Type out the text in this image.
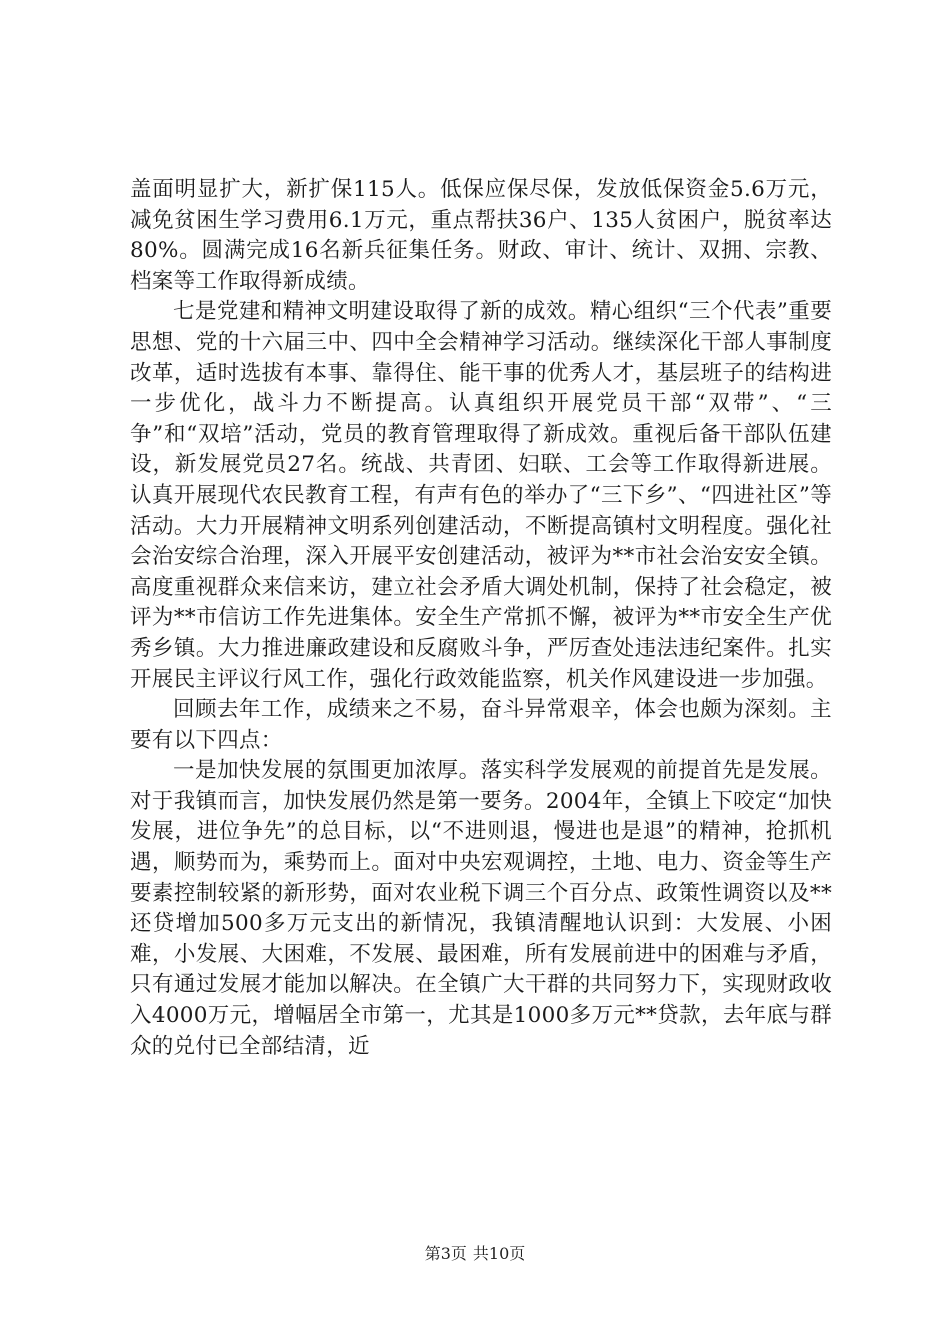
盖面明显扩大，新扩保115人。低保应保尽保，发放低保资金5.6万元，减免贫困生学习费用6.1万元，重点帮扶36户、135人贫困户，脱贫率达80%。圆满完成16名新兵征集任务。财政、审计、统计、双拥、宗教、档案等工作取得新成绩。

七是党建和精神文明建设取得了新的成效。精心组织“三个代表”重要思想、党的十六届三中、四中全会精神学习活动。继续深化干部人事制度改革，适时选拔有本事、靠得住、能干事的优秀人才，基层班子的结构进一步优化，战斗力不断提高。认真组织开展党员干部“双带”、“三争”和“双培”活动，党员的教育管理取得了新成效。重视后备干部队伍建设，新发展党员27名。统战、共青团、妇联、工会等工作取得新进展。认真开展现代农民教育工程，有声有色的举办了“三下乡”、“四进社区”等活动。大力开展精神文明系列创建活动，不断提高镇村文明程度。强化社会治安综合治理，深入开展平安创建活动，被评为**市社会治安安全镇。高度重视群众来信来访，建立社会矛盾大调处机制，保持了社会稳定，被评为**市信访工作先进集体。安全生产常抓不懈，被评为**市安全生产优秀乡镇。大力推进廉政建设和反腐败斗争，严厉查处违法违纪案件。扎实开展民主评议行风工作，强化行政效能监察，机关作风建设进一步加强。

回顾去年工作，成绩来之不易，奋斗异常艰辛，体会也颇为深刻。主要有以下四点：

一是加快发展的氛围更加浓厚。落实科学发展观的前提首先是发展。对于我镇而言，加快发展仍然是第一要务。2004年，全镇上下咬定“加快发展，进位争先”的总目标，以“不进则退，慢进也是退”的精神，抢抓机遇，顺势而为，乘势而上。面对中央宏观调控，土地、电力、资金等生产要素控制较紧的新形势，面对农业税下调三个百分点、政策性调资以及**还贷增加500多万元支出的新情况，我镇清醒地认识到：大发展、小困难，小发展、大困难，不发展、最困难，所有发展前进中的困难与矛盾，只有通过发展才能加以解决。在全镇广大干群的共同努力下，实现财政收入4000万元，增幅居全市第一，尤其是1000多万元**贷款，去年底与群众的兑付已全部结清，近

第3页 共10页
